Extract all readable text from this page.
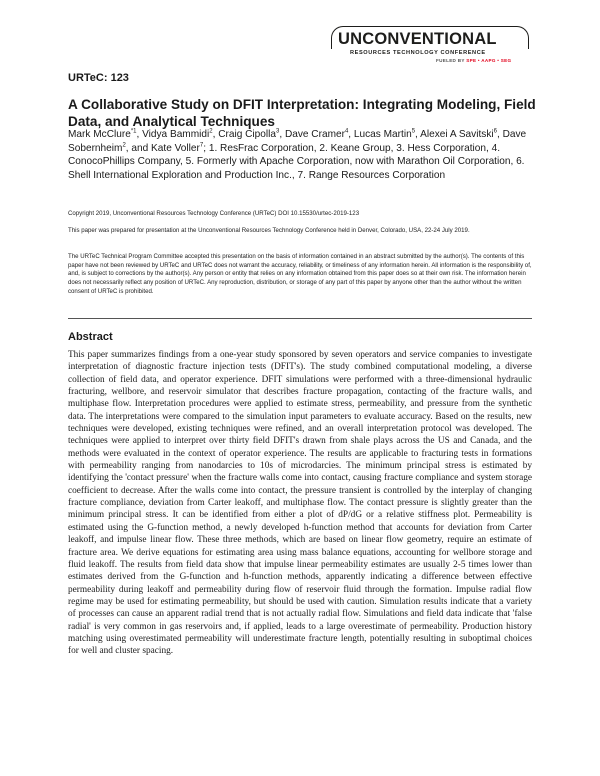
UNCONVENTIONAL
RESOURCES TECHNOLOGY CONFERENCE
FUELED BY SPE • AAPG • SEG
URTeC: 123
A Collaborative Study on DFIT Interpretation: Integrating Modeling, Field Data, and Analytical Techniques

Mark McClure$^{*1}$, Vidya Bammidi$^2$, Craig Cipolla$^3$, Dave Cramer$^4$, Lucas Martin$^5$, Alexei A Savitski$^6$, Dave Sobernheim$^2$, and Kate Voller$^7$; 1. ResFrac Corporation, 2. Keane Group, 3. Hess Corporation, 4. ConocoPhillips Company, 5. Formerly with Apache Corporation, now with Marathon Oil Corporation, 6. Shell International Exploration and Production Inc., 7. Range Resources Corporation

Copyright 2019, Unconventional Resources Technology Conference (URTeC) DOI 10.15530/urtec-2019-123

This paper was prepared for presentation at the Unconventional Resources Technology Conference held in Denver, Colorado, USA, 22-24 July 2019.

The URTeC Technical Program Committee accepted this presentation on the basis of information contained in an abstract submitted by the author(s). The contents of this paper have not been reviewed by URTeC and URTeC does not warrant the accuracy, reliability, or timeliness of any information herein. All information is the responsibility of, and, is subject to corrections by the author(s). Any person or entity that relies on any information obtained from this paper does so at their own risk. The information herein does not necessarily reflect any position of URTeC. Any reproduction, distribution, or storage of any part of this paper by anyone other than the author without the written consent of URTeC is prohibited.

Abstract

This paper summarizes findings from a one-year study sponsored by seven operators and service companies to investigate interpretation of diagnostic fracture injection tests (DFIT's). The study combined computational modeling, a diverse collection of field data, and operator experience. DFIT simulations were performed with a three-dimensional hydraulic fracturing, wellbore, and reservoir simulator that describes fracture propagation, contacting of the fracture walls, and multiphase flow. Interpretation procedures were applied to estimate stress, permeability, and pressure from the synthetic data. The interpretations were compared to the simulation input parameters to evaluate accuracy. Based on the results, new techniques were developed, existing techniques were refined, and an overall interpretation protocol was developed. The techniques were applied to interpret over thirty field DFIT's drawn from shale plays across the US and Canada, and the methods were evaluated in the context of operator experience. The results are applicable to fracturing tests in formations with permeability ranging from nanodarcies to 10s of microdarcies. The minimum principal stress is estimated by identifying the 'contact pressure' when the fracture walls come into contact, causing fracture compliance and system storage coefficient to decrease. After the walls come into contact, the pressure transient is controlled by the interplay of changing fracture compliance, deviation from Carter leakoff, and multiphase flow. The contact pressure is slightly greater than the minimum principal stress. It can be identified from either a plot of dP/dG or a relative stiffness plot. Permeability is estimated using the G-function method, a newly developed h-function method that accounts for deviation from Carter leakoff, and impulse linear flow. These three methods, which are based on linear flow geometry, require an estimate of fracture area. We derive equations for estimating area using mass balance equations, accounting for wellbore storage and fluid leakoff. The results from field data show that impulse linear permeability estimates are usually 2-5 times lower than estimates derived from the G-function and h-function methods, apparently indicating a difference between effective permeability during leakoff and permeability during flow of reservoir fluid through the formation. Impulse radial flow regime may be used for estimating permeability, but should be used with caution. Simulation results indicate that a variety of processes can cause an apparent radial trend that is not actually radial flow. Simulations and field data indicate that 'false radial' is very common in gas reservoirs and, if applied, leads to a large overestimate of permeability. Production history matching using overestimated permeability will underestimate fracture length, potentially resulting in suboptimal choices for well and cluster spacing.
